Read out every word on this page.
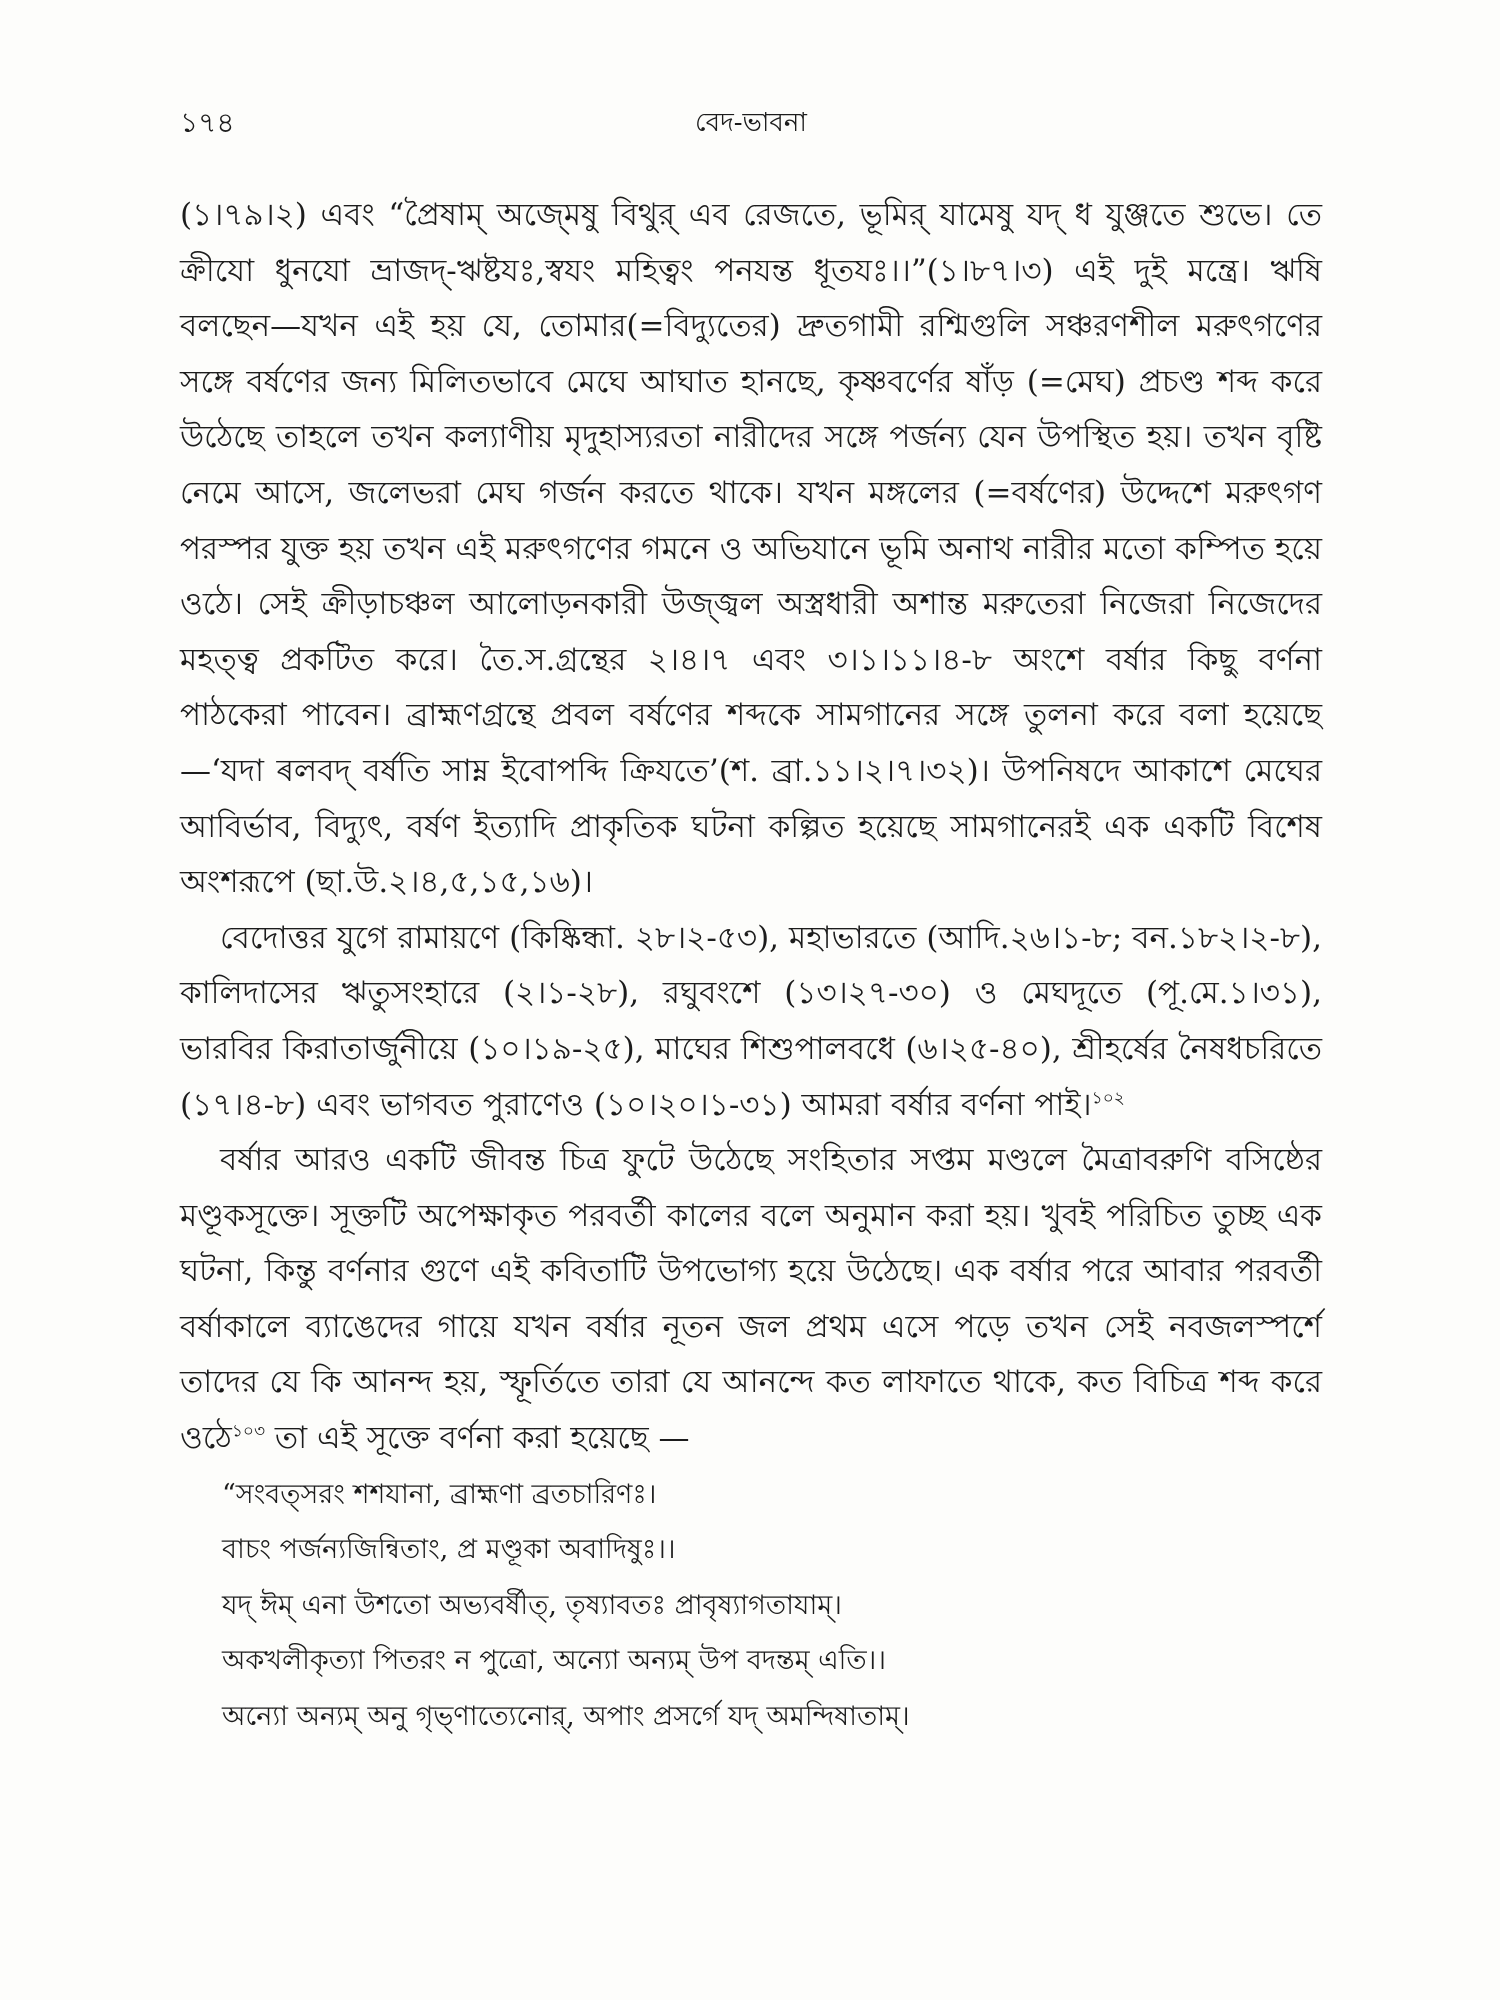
১৭৪	বেদ-ভাবনা

(১।৭৯।২) এবং “প্রৈষাম্ অজ্মেষু বিথুর্ এব রেজতে, ভূমির্ যামেষু যদ্ ধ যুঞ্জতে শুভে। তে ক্রীযো ধুনযো ভ্রাজদ্-ঋষ্টযঃ,স্বযং মহিত্বং পনযন্ত ধূতযঃ।।”(১।৮৭।৩) এই দুই মন্ত্রে। ঋষি বলছেন—যখন এই হয় যে, তোমার(=বিদ্যুতের) দ্রুতগামী রশ্মিগুলি সঞ্চরণশীল মরুৎগণের সঙ্গে বর্ষণের জন্য মিলিতভাবে মেঘে আঘাত হানছে, কৃষ্ণবর্ণের ষাঁড় (=মেঘ) প্রচণ্ড শব্দ করে উঠেছে তাহলে তখন কল্যাণীয় মৃদুহাস্যরতা নারীদের সঙ্গে পর্জন্য যেন উপস্থিত হয়। তখন বৃষ্টি নেমে আসে, জলেভরা মেঘ গর্জন করতে থাকে। যখন মঙ্গলের (=বর্ষণের) উদ্দেশে মরুৎগণ পরস্পর যুক্ত হয় তখন এই মরুৎগণের গমনে ও অভিযানে ভূমি অনাথ নারীর মতো কম্পিত হয়ে ওঠে। সেই ক্রীড়াচঞ্চল আলোড়নকারী উজ্জ্বল অস্ত্রধারী অশান্ত মরুতেরা নিজেরা নিজেদের মহত্ত্ব প্রকটিত করে। তৈ.স.গ্রন্থের ২।৪।৭ এবং ৩।১।১১।৪-৮ অংশে বর্ষার কিছু বর্ণনা পাঠকেরা পাবেন। ব্রাহ্মণগ্রন্থে প্রবল বর্ষণের শব্দকে সামগানের সঙ্গে তুলনা করে বলা হয়েছে—‘যদা ৰলবদ্ বর্ষতি সাম্ন ইবোপব্দি ক্রিযতে’(শ. ব্রা.১১।২।৭।৩২)। উপনিষদে আকাশে মেঘের আবির্ভাব, বিদ্যুৎ, বর্ষণ ইত্যাদি প্রাকৃতিক ঘটনা কল্পিত হয়েছে সামগানেরই এক একটি বিশেষ অংশরূপে (ছা.উ.২।৪,৫,১৫,১৬)।

বেদোত্তর যুগে রামায়ণে (কিষ্কিন্ধা. ২৮।২-৫৩), মহাভারতে (আদি.২৬।১-৮; বন.১৮২।২-৮), কালিদাসের ঋতুসংহারে (২।১-২৮), রঘুবংশে (১৩।২৭-৩০) ও মেঘদূতে (পূ.মে.১।৩১), ভারবির কিরাতার্জুনীয়ে (১০।১৯-২৫), মাঘের শিশুপালবধে (৬।২৫-৪০), শ্রীহর্ষের নৈষধচরিতে (১৭।৪-৮) এবং ভাগবত পুরাণেও (১০।২০।১-৩১) আমরা বর্ষার বর্ণনা পাই।$^{১০২}$

বর্ষার আরও একটি জীবন্ত চিত্র ফুটে উঠেছে সংহিতার সপ্তম মণ্ডলে মৈত্রাবরুণি বসিষ্ঠের মণ্ডূকসূক্তে। সূক্তটি অপেক্ষাকৃত পরবর্তী কালের বলে অনুমান করা হয়। খুবই পরিচিত তুচ্ছ এক ঘটনা, কিন্তু বর্ণনার গুণে এই কবিতাটি উপভোগ্য হয়ে উঠেছে। এক বর্ষার পরে আবার পরবর্তী বর্ষাকালে ব্যাঙেদের গায়ে যখন বর্ষার নূতন জল প্রথম এসে পড়ে তখন সেই নবজলস্পর্শে তাদের যে কি আনন্দ হয়, স্ফূর্তিতে তারা যে আনন্দে কত লাফাতে থাকে, কত বিচিত্র শব্দ করে ওঠে$^{১০৩}$ তা এই সূক্তে বর্ণনা করা হয়েছে —

“সংবত্সরং শশযানা, ব্রাহ্মণা ব্রতচারিণঃ।

বাচং পর্জন্যজিন্বিতাং, প্র মণ্ডূকা অবাদিষুঃ।।

যদ্ ঈম্ এনা উশতো অভ্যবর্ষীত্, তৃষ্যাবতঃ প্রাবৃষ্যাগতাযাম্।

অকখলীকৃত্যা পিতরং ন পুত্রো, অন্যো অন্যম্ উপ বদন্তম্ এতি।।

অন্যো অন্যম্ অনু গৃভ্ণাত্যেনোর্, অপাং প্রসর্গে যদ্ অমন্দিষাতাম্।
